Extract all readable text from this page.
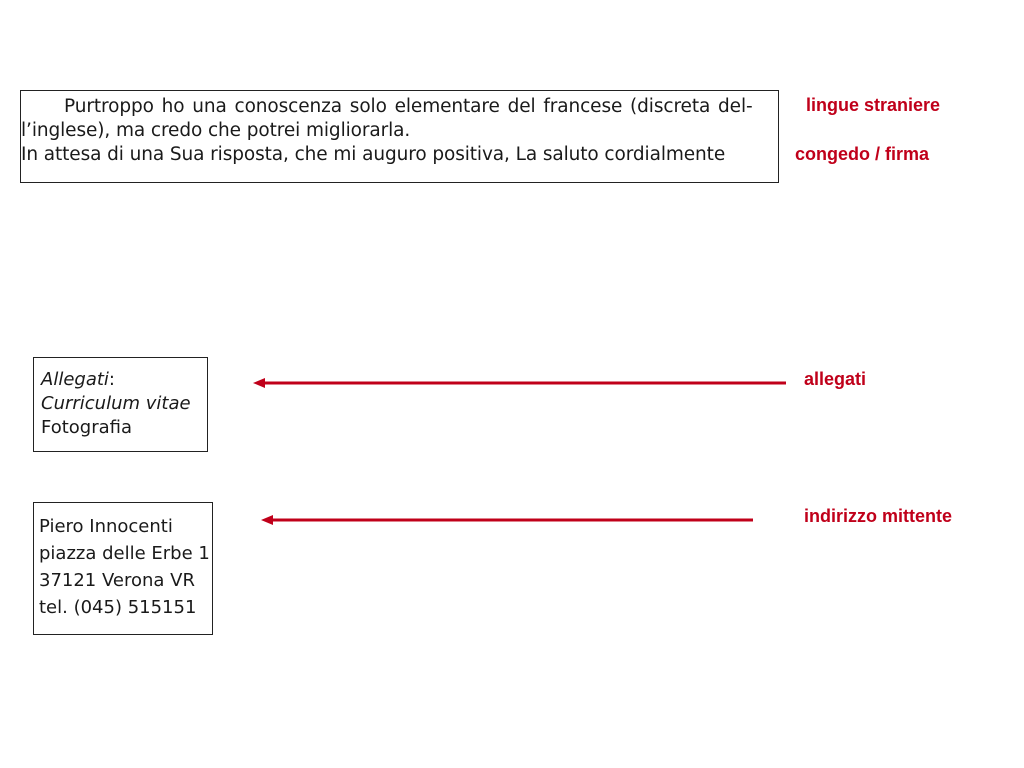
Purtroppo ho una conoscenza solo elementare del francese (discreta del-
l’inglese), ma credo che potrei migliorarla.
In attesa di una Sua risposta, che mi auguro positiva, La saluto cordialmente
Allegati:
Curriculum vitae
Fotografia
Piero Innocenti
piazza delle Erbe 1
37121 Verona VR
tel. (045) 515151
lingue straniere
congedo / firma
allegati
indirizzo mittente
